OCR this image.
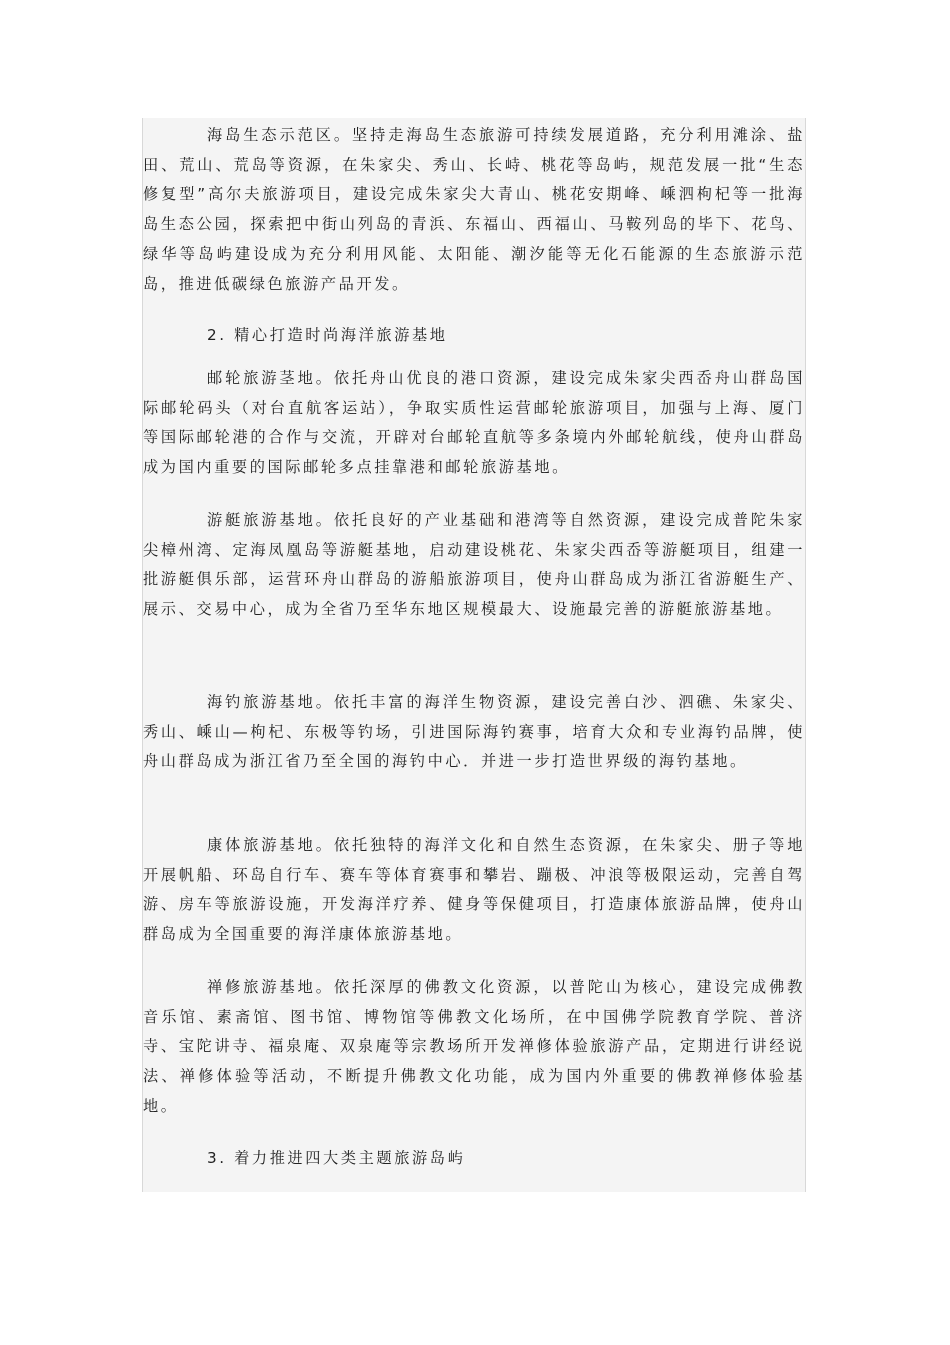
海岛生态示范区。坚持走海岛生态旅游可持续发展道路，充分利用滩涂、盐田、荒山、荒岛等资源，在朱家尖、秀山、长峙、桃花等岛屿，规范发展一批“生态修复型”高尔夫旅游项目，建设完成朱家尖大青山、桃花安期峰、嵊泗枸杞等一批海岛生态公园，探索把中街山列岛的青浜、东福山、西福山、马鞍列岛的毕下、花鸟、绿华等岛屿建设成为充分利用风能、太阳能、潮汐能等无化石能源的生态旅游示范岛，推进低碳绿色旅游产品开发。

2. 精心打造时尚海洋旅游基地

邮轮旅游茎地。依托舟山优良的港口资源，建设完成朱家尖西岙舟山群岛国际邮轮码头（对台直航客运站），争取实质性运营邮轮旅游项目，加强与上海、厦门等国际邮轮港的合作与交流，开辟对台邮轮直航等多条境内外邮轮航线，使舟山群岛成为国内重要的国际邮轮多点挂靠港和邮轮旅游基地。

游艇旅游基地。依托良好的产业基础和港湾等自然资源，建设完成普陀朱家尖樟州湾、定海凤凰岛等游艇基地，启动建设桃花、朱家尖西岙等游艇项目，组建一批游艇俱乐部，运营环舟山群岛的游船旅游项目，使舟山群岛成为浙江省游艇生产、展示、交易中心，成为全省乃至华东地区规模最大、设施最完善的游艇旅游基地。

海钓旅游基地。依托丰富的海洋生物资源，建设完善白沙、泗礁、朱家尖、秀山、嵊山—枸杞、东极等钓场，引进国际海钓赛事，培育大众和专业海钓品牌，使舟山群岛成为浙江省乃至全国的海钓中心．并进一步打造世界级的海钓基地。

康体旅游基地。依托独特的海洋文化和自然生态资源，在朱家尖、册子等地开展帆船、环岛自行车、赛车等体育赛事和攀岩、蹦极、冲浪等极限运动，完善自驾游、房车等旅游设施，开发海洋疗养、健身等保健项目，打造康体旅游品牌，使舟山群岛成为全国重要的海洋康体旅游基地。

禅修旅游基地。依托深厚的佛教文化资源，以普陀山为核心，建设完成佛教音乐馆、素斋馆、图书馆、博物馆等佛教文化场所，在中国佛学院教育学院、普济寺、宝陀讲寺、福泉庵、双泉庵等宗教场所开发禅修体验旅游产品，定期进行讲经说法、禅修体验等活动，不断提升佛教文化功能，成为国内外重要的佛教禅修体验基地。

3. 着力推进四大类主题旅游岛屿
